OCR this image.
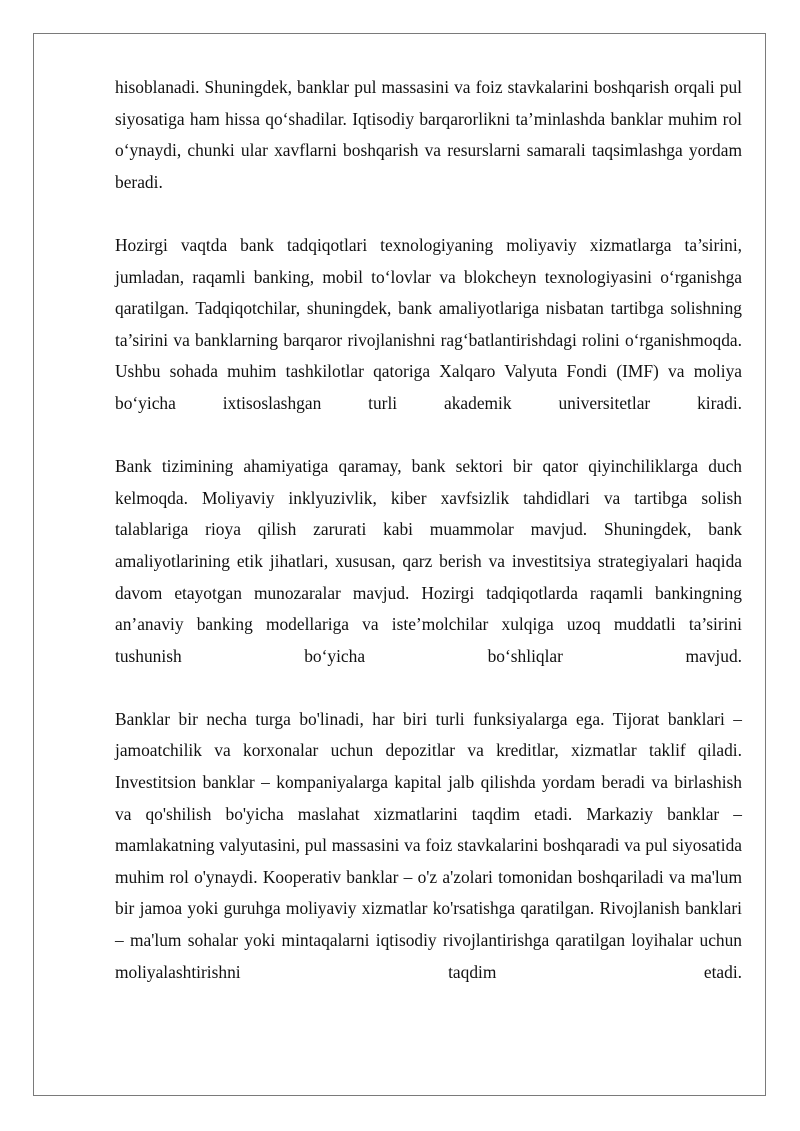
hisoblanadi. Shuningdek, banklar pul massasini va foiz stavkalarini boshqarish orqali pul siyosatiga ham hissa qo‘shadilar. Iqtisodiy barqarorlikni ta’minlashda banklar muhim rol o‘ynaydi, chunki ular xavflarni boshqarish va resurslarni samarali taqsimlashga yordam beradi.

Hozirgi vaqtda bank tadqiqotlari texnologiyaning moliyaviy xizmatlarga ta’sirini, jumladan, raqamli banking, mobil to‘lovlar va blokcheyn texnologiyasini o‘rganishga qaratilgan. Tadqiqotchilar, shuningdek, bank amaliyotlariga nisbatan tartibga solishning ta’sirini va banklarning barqaror rivojlanishni rag‘batlantirishdagi rolini o‘rganishmoqda. Ushbu sohada muhim tashkilotlar qatoriga Xalqaro Valyuta Fondi (IMF) va moliya bo‘yicha ixtisoslashgan turli akademik universitetlar kiradi.

Bank tizimining ahamiyatiga qaramay, bank sektori bir qator qiyinchiliklarga duch kelmoqda. Moliyaviy inklyuzivlik, kiber xavfsizlik tahdidlari va tartibga solish talablariga rioya qilish zarurati kabi muammolar mavjud. Shuningdek, bank amaliyotlarining etik jihatlari, xususan, qarz berish va investitsiya strategiyalari haqida davom etayotgan munozaralar mavjud. Hozirgi tadqiqotlarda raqamli bankingning an’anaviy banking modellariga va iste’molchilar xulqiga uzoq muddatli ta’sirini tushunish bo‘yicha bo‘shliqlar mavjud.

Banklar bir necha turga bo'linadi, har biri turli funksiyalarga ega. Tijorat banklari – jamoatchilik va korxonalar uchun depozitlar va kreditlar, xizmatlar taklif qiladi. Investitsion banklar – kompaniyalarga kapital jalb qilishda yordam beradi va birlashish va qo'shilish bo'yicha maslahat xizmatlarini taqdim etadi. Markaziy banklar – mamlakatning valyutasini, pul massasini va foiz stavkalarini boshqaradi va pul siyosatida muhim rol o'ynaydi. Kooperativ banklar – o'z a'zolari tomonidan boshqariladi va ma'lum bir jamoa yoki guruhga moliyaviy xizmatlar ko'rsatishga qaratilgan. Rivojlanish banklari – ma'lum sohalar yoki mintaqalarni iqtisodiy rivojlantirishga qaratilgan loyihalar uchun moliyalashtirishni taqdim etadi.
